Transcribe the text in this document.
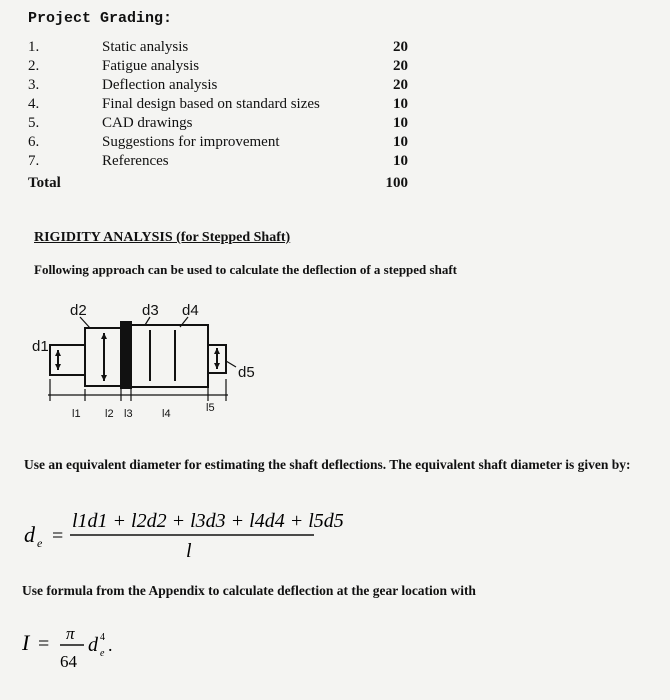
Project Grading:
1.	Static analysis	20
2.	Fatigue analysis	20
3.	Deflection analysis	20
4.	Final design based on standard sizes	10
5.	CAD drawings	10
6.	Suggestions for improvement	10
7.	References	10
Total	100
RIGIDITY ANALYSIS (for Stepped Shaft)
Following approach can be used to calculate the deflection of a stepped shaft
d1
d2	d3 d4
d5
l1 l2 l3	l4	l5
Use an equivalent diameter for estimating the shaft deflections. The equivalent shaft diameter is given by:
d e =
l1d1 + l2d2 + l3d3 + l4d4 + l5d5
l
Use formula from the Appendix to calculate deflection at the gear location with
I = π
64
d e
4 .
